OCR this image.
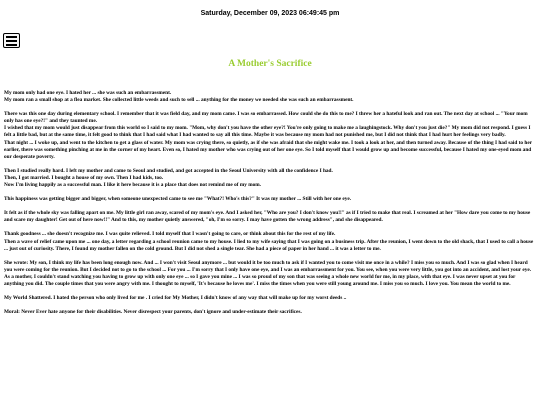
Saturday, December 09, 2023 06:49:45 pm
A Mother's Sacrifice

My mom only had one eye. I hated her ... she was such an embarrassment.
My mom ran a small shop at a flea market. She collected little weeds and such to sell ... anything for the money we needed she was such an embarrassment.

There was this one day during elementary school. I remember that it was field day, and my mom came. I was so embarrassed. How could she do this to me? I threw her a hateful look and ran out. The next day at school ... "Your mom only has one eye?!" and they taunted me.
I wished that my mom would just disappear from this world so I said to my mom. "Mom, why don't you have the other eye?! You're only going to make me a laughingstock. Why don't you just die?" My mom did not respond. I guess I felt a little bad, but at the same time, it felt good to think that I had said what I had wanted to say all this time. Maybe it was because my mom had not punished me, but I did not think that I had hurt her feelings very badly.
That night ... I woke up, and went to the kitchen to get a glass of water. My mom was crying there, so quietly, as if she was afraid that she might wake me. I took a look at her, and then turned away. Because of the thing I had said to her earlier, there was something pinching at me in the corner of my heart. Even so, I hated my mother who was crying out of her one eye. So I told myself that I would grow up and become successful, because I hated my one-eyed mom and our desperate poverty.

Then I studied really hard. I left my mother and came to Seoul and studied, and got accepted in the Seoul University with all the confidence I had.
Then, I got married. I bought a house of my own. Then I had kids, too.
Now I'm living happily as a successful man. I like it here because it is a place that does not remind me of my mom.

This happiness was getting bigger and bigger, when someone unexpected came to see me "What?! Who's this?" It was my mother ... Still with her one eye.

It felt as if the whole sky was falling apart on me. My little girl ran away, scared of my mom's eye. And I asked her, "Who are you? I don't know you!!" as if I tried to make that real. I screamed at her "How dare you come to my house and scare my daughter! Get out of here now!!" And to this, my mother quietly answered, "oh, I'm so sorry. I may have gotten the wrong address", and she disappeared.

Thank goodness ... she doesn't recognize me. I was quite relieved. I told myself that I wasn't going to care, or think about this for the rest of my life.
Then a wave of relief came upon me ... one day, a letter regarding a school reunion came to my house. I lied to my wife saying that I was going on a business trip. After the reunion, I went down to the old shack, that I used to call a house ... just out of curiosity. There, I found my mother fallen on the cold ground. But I did not shed a single tear. She had a piece of paper in her hand ... it was a letter to me.

She wrote: My son, I think my life has been long enough now. And ... I won't visit Seoul anymore ... but would it be too much to ask if I wanted you to come visit me once in a while? I miss you so much. And I was so glad when I heard you were coming for the reunion. But I decided not to go to the school ... For you ... I'm sorry that I only have one eye, and I was an embarrassment for you. You see, when you were very little, you got into an accident, and lost your eye. As a mother, I couldn't stand watching you having to grow up with only one eye ... so I gave you mine ... I was so proud of my son that was seeing a whole new world for me, in my place, with that eye. I was never upset at you for anything you did. The couple times that you were angry with me. I thought to myself, 'It's because he loves me'. I miss the times when you were still young around me. I miss you so much. I love you. You mean the world to me.

My World Shattered. I hated the person who only lived for me . I cried for My Mother, I didn't know of any way that will make up for my worst deeds ..

Moral: Never Ever hate anyone for their disabilities. Never disrespect your parents, don't ignore and under-estimate their sacrifices.
